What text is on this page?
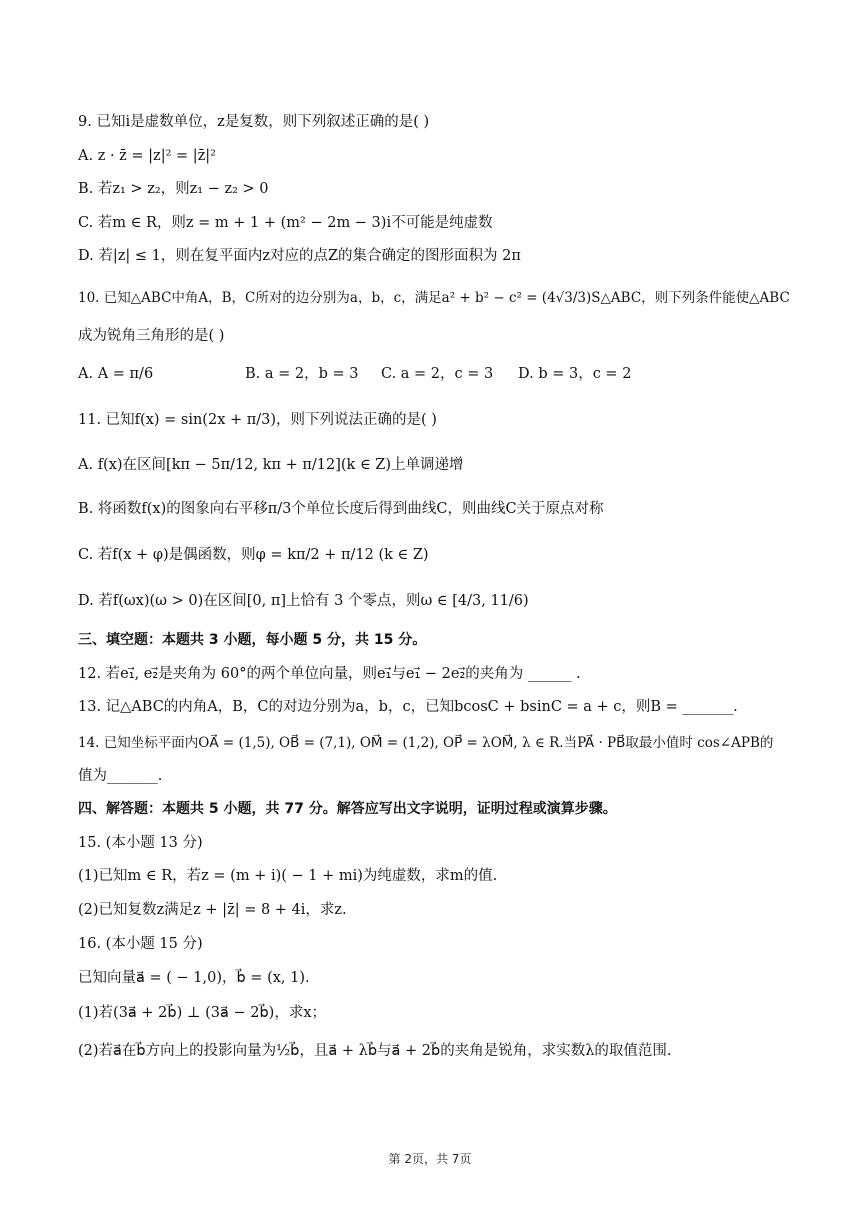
9. 已知i是虚数单位，z是复数，则下列叙述正确的是( )
A. z · z̄ = |z|² = |z̄|²
B. 若z₁ > z₂，则z₁ − z₂ > 0
C. 若m ∈ R，则z = m + 1 + (m² − 2m − 3)i不可能是纯虚数
D. 若|z| ≤ 1，则在复平面内z对应的点Z的集合确定的图形面积为 2π
10. 已知△ABC中角A，B，C所对的边分别为a，b，c，满足a² + b² − c² = (4√3/3)S△ABC，则下列条件能使△ABC
成为锐角三角形的是( )
A. A = π/6	B. a = 2，b = 3 C. a = 2，c = 3 D. b = 3，c = 2
11. 已知f(x) = sin(2x + π/3)，则下列说法正确的是( )
A. f(x)在区间[kπ − 5π/12, kπ + π/12](k ∈ Z)上单调递增
B. 将函数f(x)的图象向右平移π/3个单位长度后得到曲线C，则曲线C关于原点对称
C. 若f(x + φ)是偶函数，则φ = kπ/2 + π/12 (k ∈ Z)
D. 若f(ωx)(ω > 0)在区间[0, π]上恰有 3 个零点，则ω ∈ [4/3, 11/6)
三、填空题：本题共 3 小题，每小题 5 分，共 15 分。
12. 若e₁⃗, e₂⃗是夹角为 60°的两个单位向量，则e₁⃗与e₁⃗ − 2e₂⃗的夹角为 ______ .
13. 记△ABC的内角A，B，C的对边分别为a，b，c，已知bcosC + bsinC = a + c，则B = _______.
14. 已知坐标平面内OA⃗ = (1,5), OB⃗ = (7,1), OM⃗ = (1,2), OP⃗ = λOM⃗, λ ∈ R.当PA⃗ · PB⃗取最小值时 cos∠APB的
值为_______.
四、解答题：本题共 5 小题，共 77 分。解答应写出文字说明，证明过程或演算步骤。
15. (本小题 13 分)
(1)已知m ∈ R，若z = (m + i)( − 1 + mi)为纯虚数，求m的值.
(2)已知复数z满足z + |z̄| = 8 + 4i，求z.
16. (本小题 15 分)
已知向量a⃗ = ( − 1,0)，b⃗ = (x, 1).
(1)若(3a⃗ + 2b⃗) ⊥ (3a⃗ − 2b⃗)，求x；
(2)若a⃗在b⃗方向上的投影向量为½b⃗，且a⃗ + λb⃗与a⃗ + 2b⃗的夹角是锐角，求实数λ的取值范围.
第 2页，共 7页
